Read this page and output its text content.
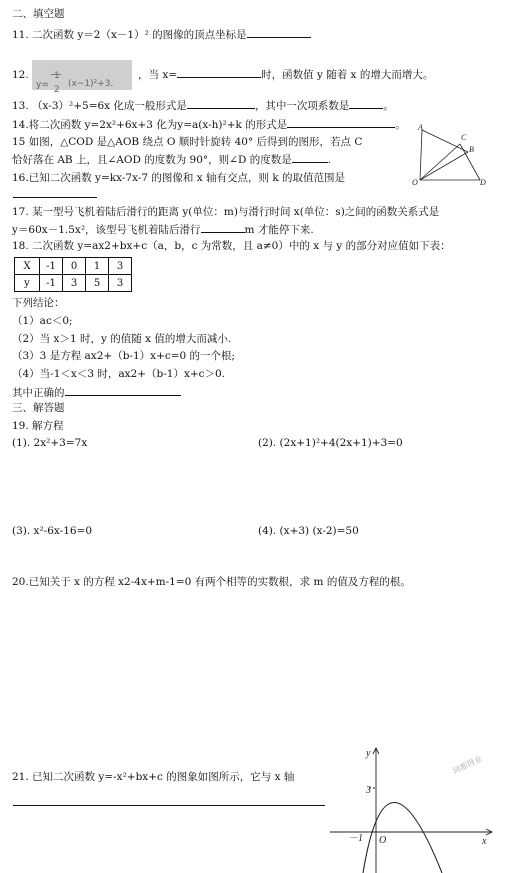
二、填空题
11. 二次函数 y＝2（x－1）² 的图像的顶点坐标是
12.
y=
1
2
(x−1)²+3.
，当 x=	时，函数值 y 随着 x 的增大而增大。
13. （x-3）²+5=6x 化成一般形式是	，其中一次项系数是	。
14.将二次函数 y=2x²+6x+3 化为y=a(x-h)²+k 的形式是	。
15 如图，△COD 是△AOB 绕点 O 顺时针旋转 40° 后得到的图形，若点 C
恰好落在 AB 上，且∠AOD 的度数为 90°，则∠D 的度数是	.
A
C
B
O	D
16.已知二次函数 y=kx-7x-7 的图像和 x 轴有交点，则 k 的取值范围是
17. 某一型号飞机着陆后滑行的距离 y(单位：m)与滑行时间 x(单位：s)之间的函数关系式是
y＝60x－1.5x²，该型号飞机着陆后滑行	m 才能停下来.
18. 二次函数 y=ax2+bx+c（a，b，c 为常数，且 a≠0）中的 x 与 y 的部分对应值如下表：
X	-1	0	1	3
y	-1	3	5	3
下列结论：
（1）ac＜0;
（2）当 x＞1 时，y 的值随 x 值的增大而减小.
（3）3 是方程 ax2+（b-1）x+c=0 的一个根;
（4）当-1＜x＜3 时，ax2+（b-1）x+c＞0.
其中正确的
三、解答题
19. 解方程
(1). 2x²+3=7x	(2). (2x+1)²+4(2x+1)+3=0
(3). x²-6x-16=0	(4). (x+3) (x-2)=50
20.已知关于 x 的方程 x2-4x+m-1=0 有两个相等的实数根，求 m 的值及方程的根。
21. 已知二次函数 y=-x²+bx+c 的图象如图所示，它与 x 轴
y
x
3
－1 O
词都得业
